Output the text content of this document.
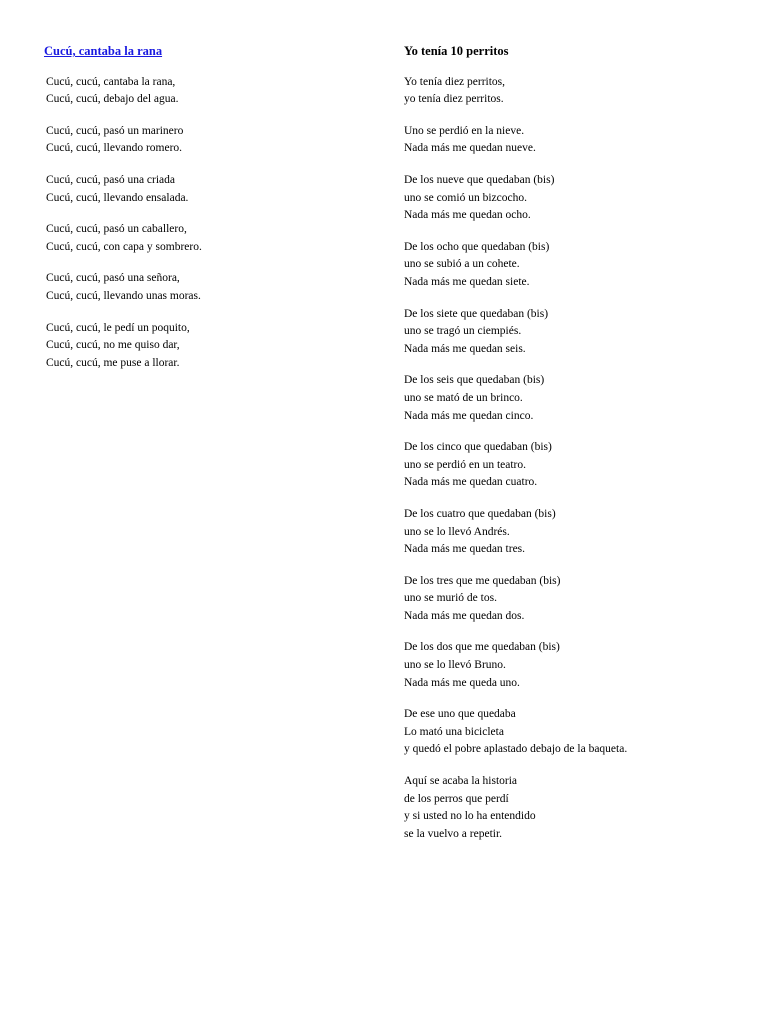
Cucú, cantaba la rana
Cucú, cucú, cantaba la rana,
Cucú, cucú, debajo del agua.
Cucú, cucú, pasó un marinero
Cucú, cucú, llevando romero.
Cucú, cucú, pasó una criada
Cucú, cucú, llevando ensalada.
Cucú, cucú, pasó un caballero,
Cucú, cucú, con capa y sombrero.
Cucú, cucú, pasó una señora,
Cucú, cucú, llevando unas moras.
Cucú, cucú, le pedí un poquito,
Cucú, cucú, no me quiso dar,
Cucú, cucú, me puse a llorar.
Yo tenía 10 perritos
Yo tenía diez perritos,
yo tenía diez perritos.
Uno se perdió en la nieve.
Nada más me quedan nueve.
De los nueve que quedaban (bis)
uno se comió un bizcocho.
Nada más me quedan ocho.
De los ocho que quedaban (bis)
uno se subió a un cohete.
Nada más me quedan siete.
De los siete que quedaban (bis)
uno se tragó un ciempiés.
Nada más me quedan seis.
De los seis que quedaban (bis)
uno se mató de un brinco.
Nada más me quedan cinco.
De los cinco que quedaban (bis)
uno se perdió en un teatro.
Nada más me quedan cuatro.
De los cuatro que quedaban (bis)
uno se lo llevó Andrés.
Nada más me quedan tres.
De los tres que me quedaban (bis)
uno se murió de tos.
Nada más me quedan dos.
De los dos que me quedaban (bis)
uno se lo llevó Bruno.
Nada más me queda uno.
De ese uno que quedaba
Lo mató una bicicleta
y quedó el pobre aplastado debajo de la baqueta.
Aquí se acaba la historia
de los perros que perdí
y si usted no lo ha entendido
se la vuelvo a repetir.
